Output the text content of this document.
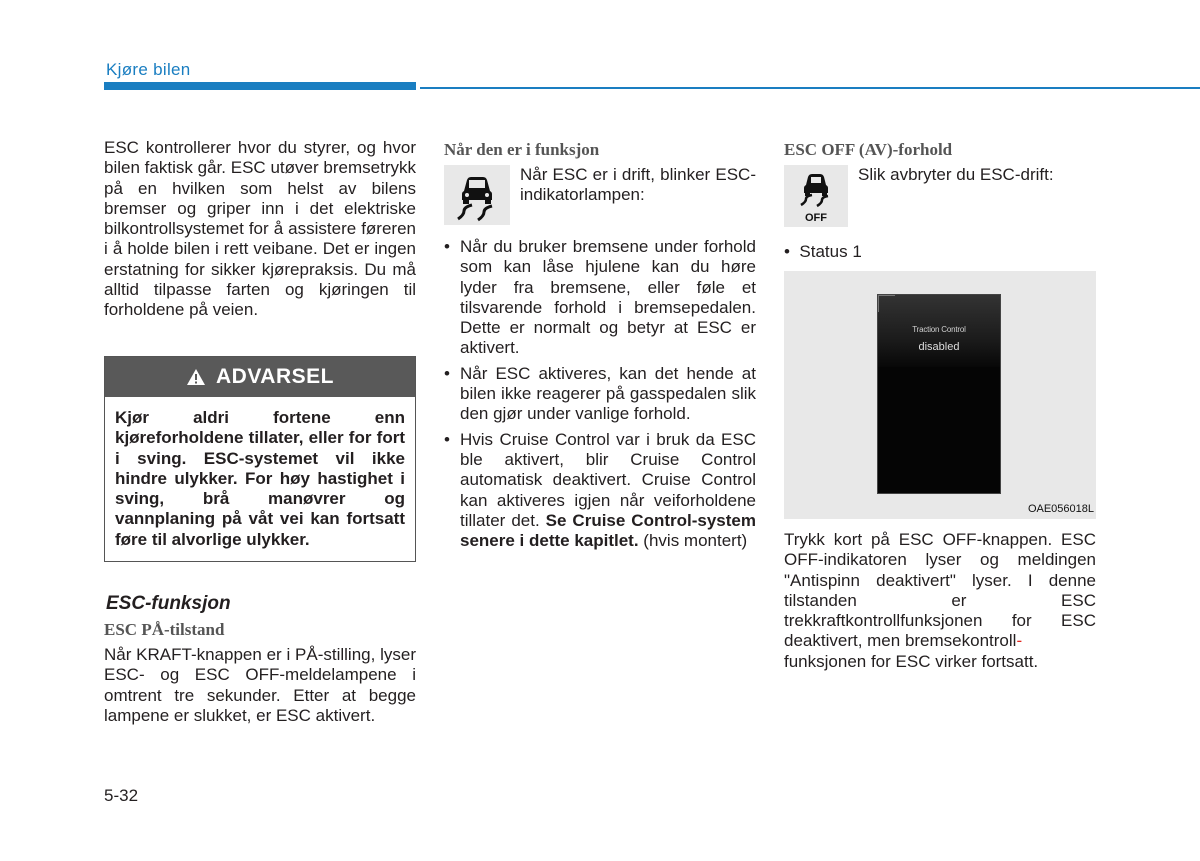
Kjøre bilen
ESC kontrollerer hvor du styrer, og hvor bilen faktisk går. ESC utøver bremsetrykk på en hvilken som helst av bilens bremser og griper inn i det elektriske bilkontrollsystemet for å assistere føreren i å holde bilen i rett veibane. Det er ingen erstatning for sikker kjørepraksis. Du må alltid tilpasse farten og kjøringen til forholdene på veien.
ADVARSEL
Kjør aldri fortene enn kjøreforholdene tillater, eller for fort i sving. ESC-systemet vil ikke hindre ulykker. For høy hastighet i sving, brå manøvrer og vannplaning på våt vei kan fortsatt føre til alvorlige ulykker.
ESC-funksjon
ESC PÅ-tilstand
Når KRAFT-knappen er i PÅ-stilling, lyser ESC- og ESC OFF-meldelampene i omtrent tre sekunder. Etter at begge lampene er slukket, er ESC aktivert.
Når den er i funksjon
Når ESC er i drift, blinker ESC-indikatorlampen:
• Når du bruker bremsene under forhold som kan låse hjulene kan du høre lyder fra bremsene, eller føle et tilsvarende forhold i bremsepedalen. Dette er normalt og betyr at ESC er aktivert.
• Når ESC aktiveres, kan det hende at bilen ikke reagerer på gasspedalen slik den gjør under vanlige forhold.
• Hvis Cruise Control var i bruk da ESC ble aktivert, blir Cruise Control automatisk deaktivert. Cruise Control kan aktiveres igjen når veiforholdene tillater det. Se Cruise Control-system senere i dette kapitlet. (hvis montert)
ESC OFF (AV)-forhold
OFF
Slik avbryter du ESC-drift:
• Status 1
Traction Control
disabled
OAE056018L
Trykk kort på ESC OFF-knappen. ESC OFF-indikatoren lyser og meldingen "Antispinn deaktivert" lyser. I denne tilstanden er ESC trekkraftkontrollfunksjonen for ESC deaktivert, men bremsekontroll-
funksjonen for ESC virker fortsatt.
5-32
